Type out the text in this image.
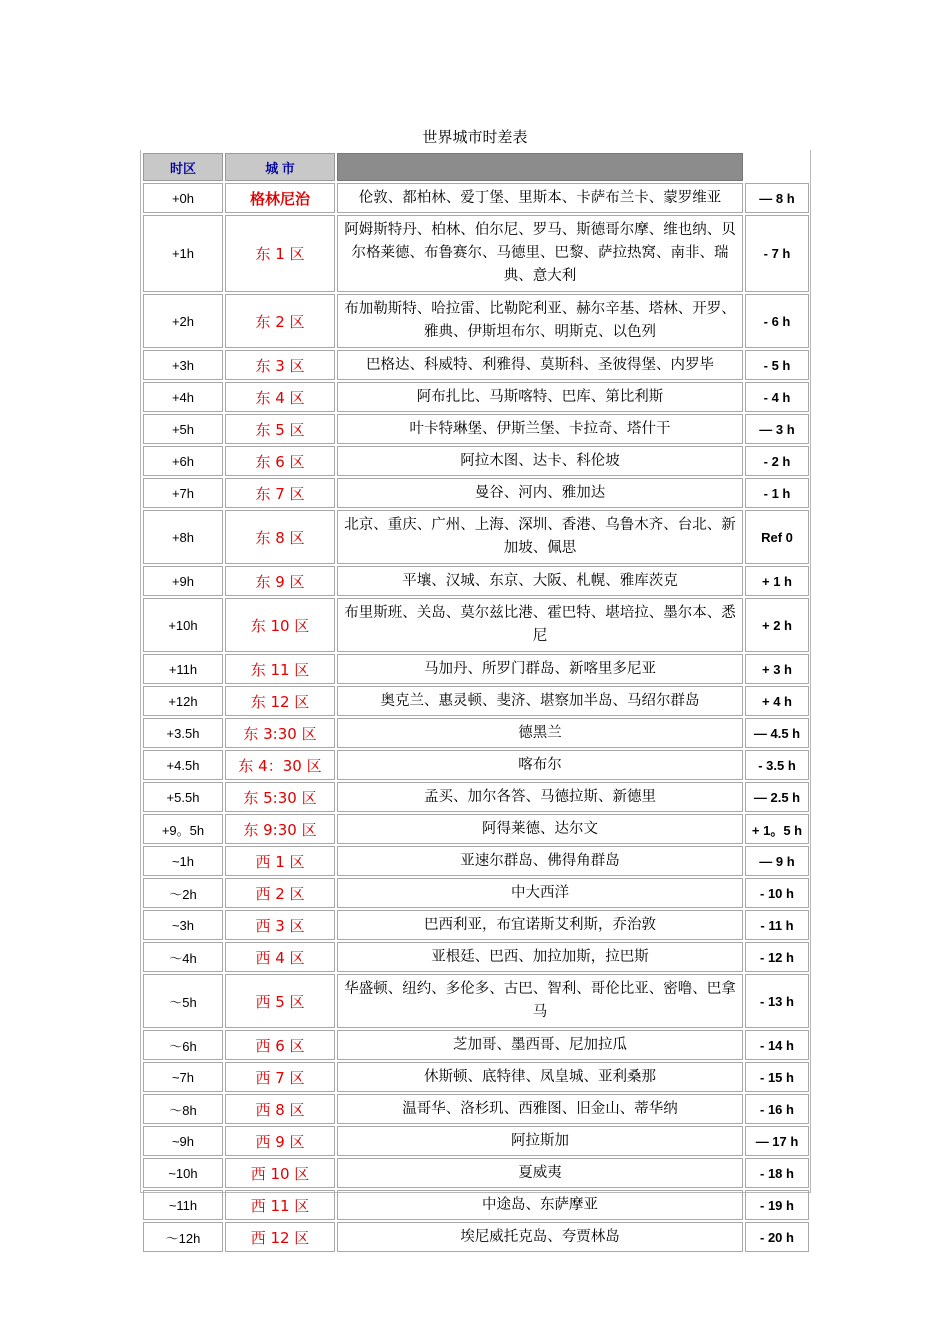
世界城市时差表
时区	城 市		
+0h	格林尼治	伦敦、都柏林、爱丁堡、里斯本、卡萨布兰卡、蒙罗维亚	— 8 h
+1h	东 1 区	阿姆斯特丹、柏林、伯尔尼、罗马、斯德哥尔摩、维也纳、贝尔格莱德、布鲁赛尔、马德里、巴黎、萨拉热窝、南非、瑞典、意大利	- 7 h
+2h	东 2 区	布加勒斯特、哈拉雷、比勒陀利亚、赫尔辛基、塔林、开罗、雅典、伊斯坦布尔、明斯克、以色列	- 6 h
+3h	东 3 区	巴格达、科威特、利雅得、莫斯科、圣彼得堡、内罗毕	- 5 h
+4h	东 4 区	阿布扎比、马斯喀特、巴库、第比利斯	- 4 h
+5h	东 5 区	叶卡特琳堡、伊斯兰堡、卡拉奇、塔什干	— 3 h
+6h	东 6 区	阿拉木图、达卡、科伦坡	- 2 h
+7h	东 7 区	曼谷、河内、雅加达	- 1 h
+8h	东 8 区	北京、重庆、广州、上海、深圳、香港、乌鲁木齐、台北、新加坡、佩思	Ref 0
+9h	东 9 区	平壤、汉城、东京、大阪、札幌、雅库茨克	+ 1 h
+10h	东 10 区	布里斯班、关岛、莫尔兹比港、霍巴特、堪培拉、墨尔本、悉尼	+ 2 h
+11h	东 11 区	马加丹、所罗门群岛、新喀里多尼亚	+ 3 h
+12h	东 12 区	奥克兰、惠灵顿、斐济、堪察加半岛、马绍尔群岛	+ 4 h
+3.5h	东 3:30 区	德黑兰	— 4.5 h
+4.5h	东 4：30 区	喀布尔	- 3.5 h
+5.5h	东 5:30 区	孟买、加尔各答、马德拉斯、新德里	— 2.5 h
+9。5h	东 9:30 区	阿得莱德、达尔文	+ 1。5 h
~1h	西 1 区	亚速尔群岛、佛得角群岛	— 9 h
～2h	西 2 区	中大西洋	- 10 h
~3h	西 3 区	巴西利亚，布宜诺斯艾利斯，乔治敦	- 11 h
～4h	西 4 区	亚根廷、巴西、加拉加斯，拉巴斯	- 12 h
～5h	西 5 区	华盛顿、纽约、多伦多、古巴、智利、哥伦比亚、密噜、巴拿马	- 13 h
～6h	西 6 区	芝加哥、墨西哥、尼加拉瓜	- 14 h
~7h	西 7 区	休斯顿、底特律、凤皇城、亚利桑那	- 15 h
～8h	西 8 区	温哥华、洛杉玑、西雅图、旧金山、蒂华纳	- 16 h
~9h	西 9 区	阿拉斯加	— 17 h
~10h	西 10 区	夏威夷	- 18 h
~11h	西 11 区	中途岛、东萨摩亚	- 19 h
～12h	西 12 区	埃尼威托克岛、夸贾林岛	- 20 h
